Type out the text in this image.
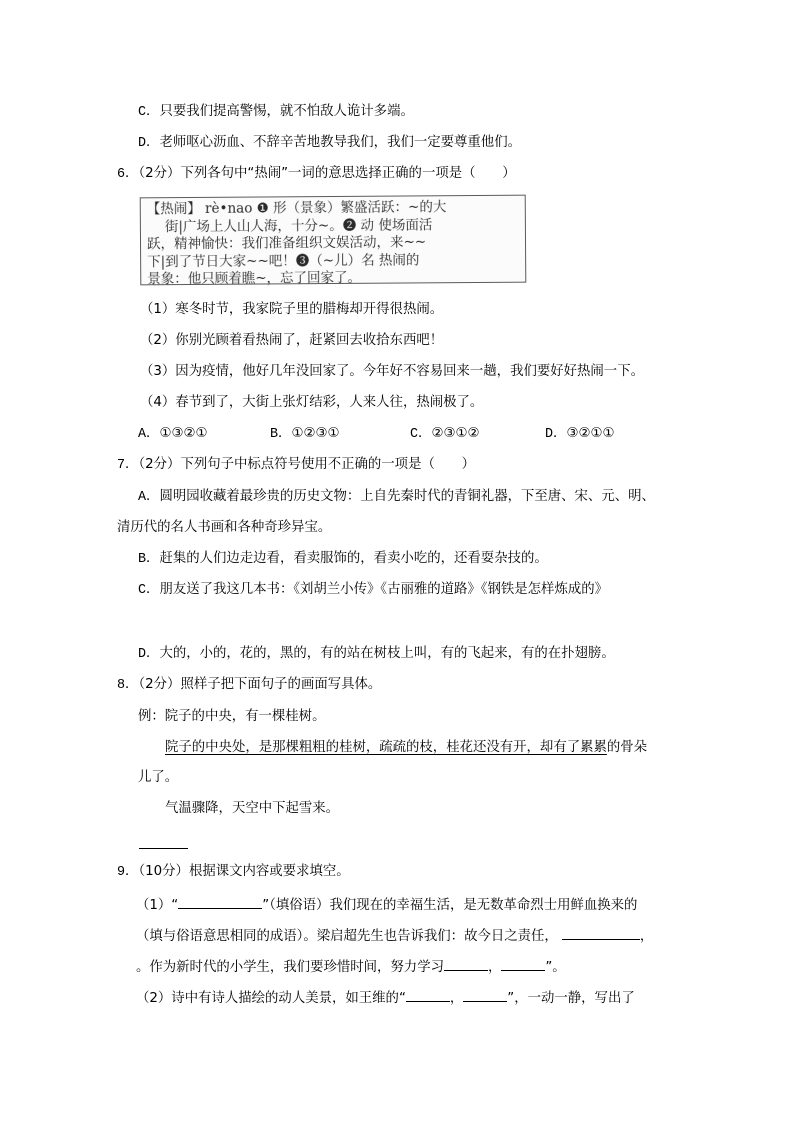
C．只要我们提高警惕，就不怕敌人诡计多端。
D．老师呕心沥血、不辞辛苦地教导我们，我们一定要尊重他们。
6．（2分）下列各句中“热闹”一词的意思选择正确的一项是（　　）
【热闹】 rè•nao ❶ 形（景象）繁盛活跃：~的大
街|广场上人山人海，十分~。❷ 动 使场面活
跃，精神愉快：我们准备组织文娱活动，来~~
下|到了节日大家~~吧！❸（~儿）名 热闹的
景象：他只顾着瞧~，忘了回家了。
（1）寒冬时节，我家院子里的腊梅却开得很热闹。
（2）你别光顾着看热闹了，赶紧回去收拾东西吧！
（3）因为疫情，他好几年没回家了。今年好不容易回来一趟，我们要好好热闹一下。
（4）春节到了，大街上张灯结彩，人来人往，热闹极了。
A．①③②①	B．①②③①	C．②③①②	D．③②①①
7．（2分）下列句子中标点符号使用不正确的一项是（　　）
A．圆明园收藏着最珍贵的历史文物：上自先秦时代的青铜礼器，下至唐、宋、元、明、
清历代的名人书画和各种奇珍异宝。
B．赶集的人们边走边看，看卖服饰的，看卖小吃的，还看耍杂技的。
C．朋友送了我这几本书：《刘胡兰小传》《古丽雅的道路》《钢铁是怎样炼成的》
D．大的，小的，花的，黑的，有的站在树枝上叫，有的飞起来，有的在扑翅膀。
8．（2分）照样子把下面句子的画面写具体。
例：院子的中央，有一棵桂树。
院子的中央处，是那棵粗粗的桂树，疏疏的枝，桂花还没有开，却有了累累的骨朵
儿了。
气温骤降，天空中下起雪来。
9．（10分）根据课文内容或要求填空。
（1）“	”（填俗语）我们现在的幸福生活，是无数革命烈士用鲜血换来的
（填与俗语意思相同的成语）。梁启超先生也告诉我们：故今日之责任，	，
。作为新时代的小学生，我们要珍惜时间，努力学习	，	”。
（2）诗中有诗人描绘的动人美景，如王维的“	，	”，一动一静，写出了
